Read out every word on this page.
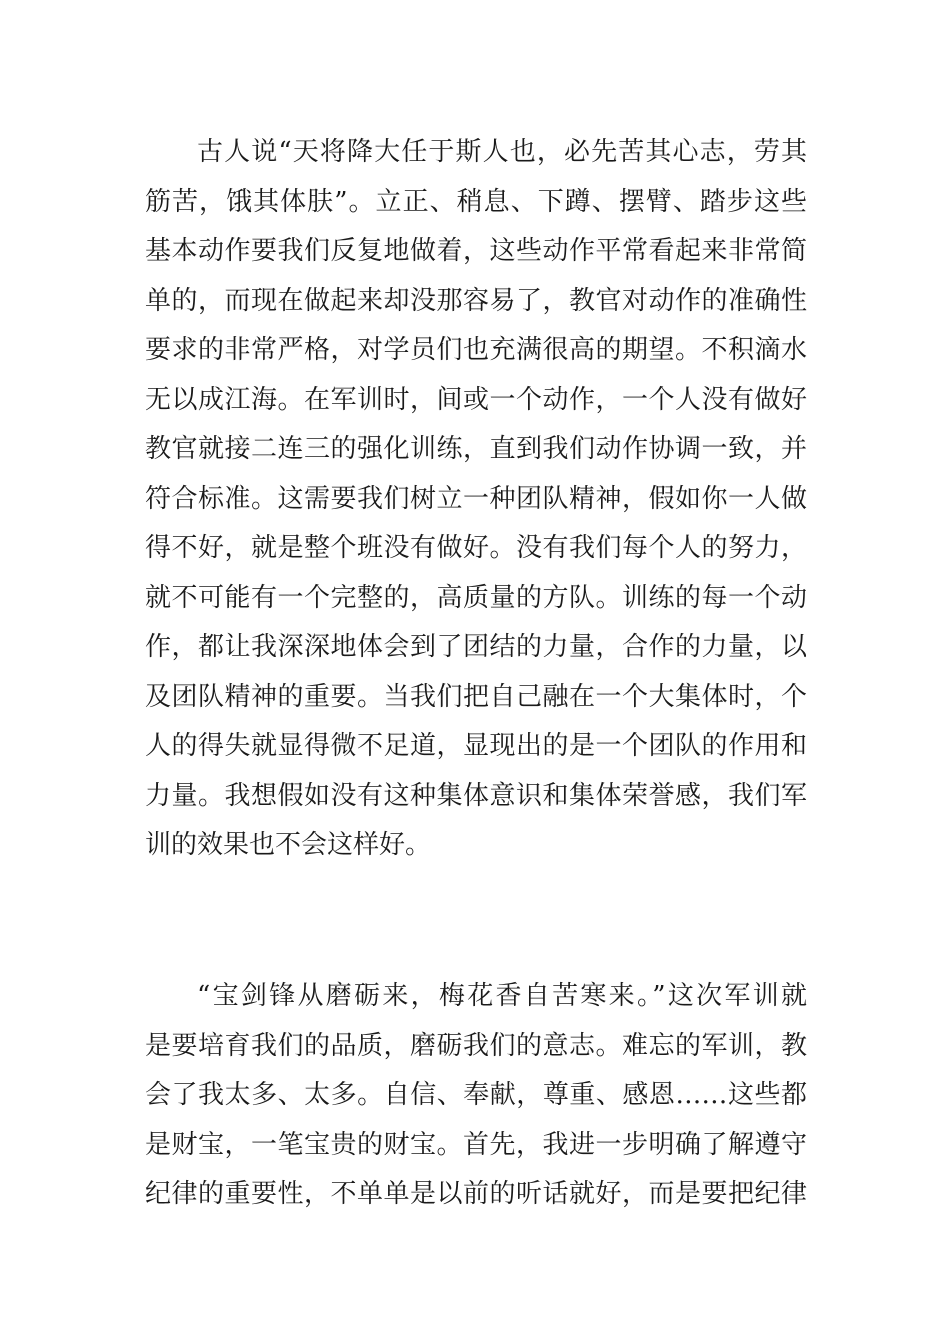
古人说“天将降大任于斯人也，必先苦其心志，劳其
筋苦，饿其体肤”。立正、稍息、下蹲、摆臂、踏步这些
基本动作要我们反复地做着，这些动作平常看起来非常简
单的，而现在做起来却没那容易了，教官对动作的准确性
要求的非常严格，对学员们也充满很高的期望。不积滴水
无以成江海。在军训时，间或一个动作，一个人没有做好
教官就接二连三的强化训练，直到我们动作协调一致，并
符合标准。这需要我们树立一种团队精神，假如你一人做
得不好，就是整个班没有做好。没有我们每个人的努力，
就不可能有一个完整的，高质量的方队。训练的每一个动
作，都让我深深地体会到了团结的力量，合作的力量，以
及团队精神的重要。当我们把自己融在一个大集体时，个
人的得失就显得微不足道，显现出的是一个团队的作用和
力量。我想假如没有这种集体意识和集体荣誉感，我们军
训的效果也不会这样好。

“宝剑锋从磨砺来，梅花香自苦寒来。”这次军训就
是要培育我们的品质，磨砺我们的意志。难忘的军训，教
会了我太多、太多。自信、奉献，尊重、感恩……这些都
是财宝，一笔宝贵的财宝。首先，我进一步明确了解遵守
纪律的重要性，不单单是以前的听话就好，而是要把纪律
